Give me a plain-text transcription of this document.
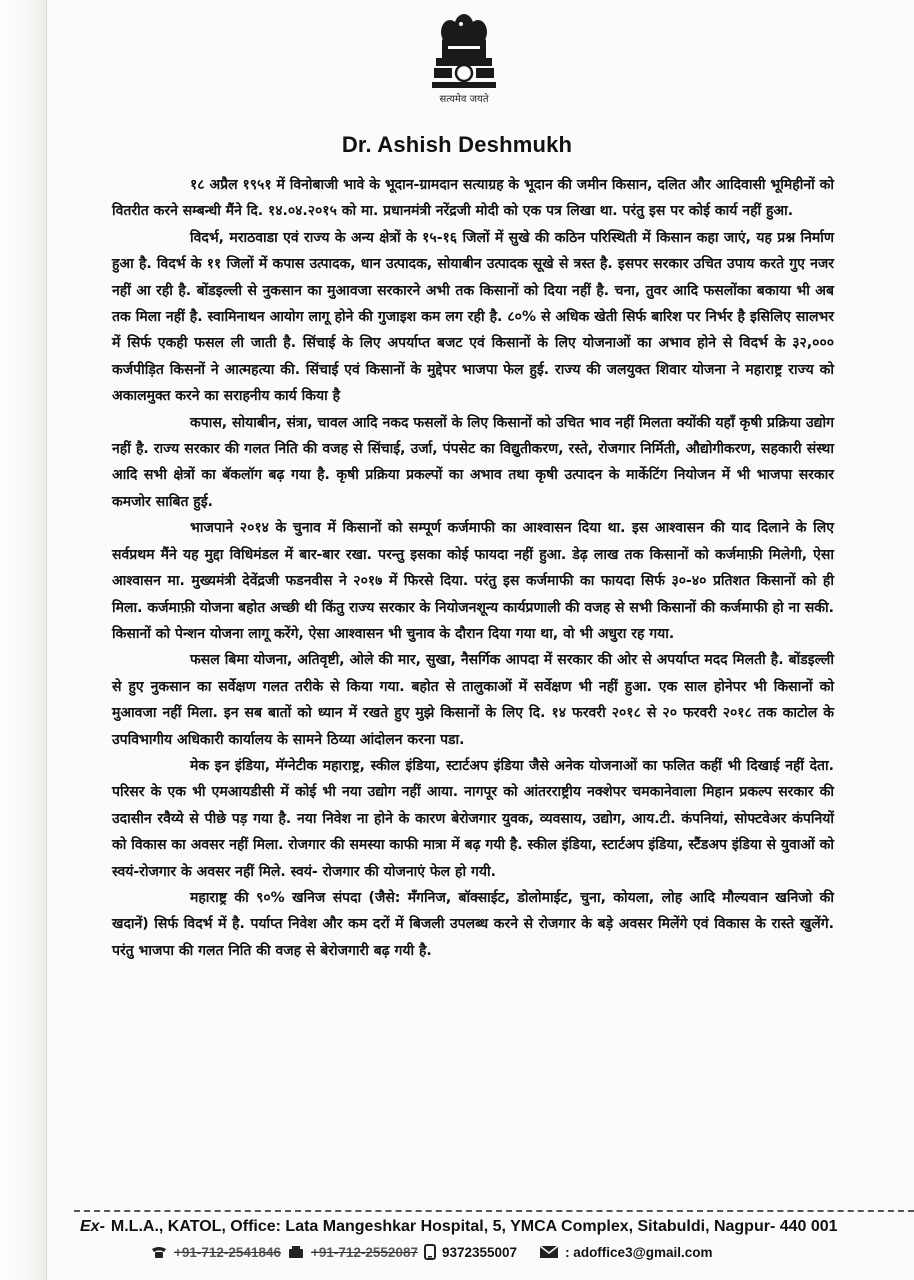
सत्यमेव जयते
Dr. Ashish Deshmukh

१८ अप्रैल १९५१ में विनोबाजी भावे के भूदान-ग्रामदान सत्याग्रह के भूदान की जमीन किसान, दलित और आदिवासी भूमिहीनों को वितरीत करने सम्बन्धी मैंने दि. १४.०४.२०१५ को मा. प्रधानमंत्री नरेंद्रजी मोदी को एक पत्र लिखा था. परंतु इस पर कोई कार्य नहीं हुआ.

विदर्भ, मराठवाडा एवं राज्य के अन्य क्षेत्रों के १५-१६ जिलों में सुखे की कठिन परिस्थिती में किसान कहा जाएं, यह प्रश्न निर्माण हुआ है. विदर्भ के ११ जिलों में कपास उत्पादक, धान उत्पादक, सोयाबीन उत्पादक सूखे से त्रस्त है. इसपर सरकार उचित उपाय करते गुए नजर नहीं आ रही है. बोंडइल्ली से नुकसान का मुआवजा सरकारने अभी तक किसानों को दिया नहीं है. चना, तुवर आदि फसलोंका बकाया भी अब तक मिला नहीं है. स्वामिनाथन आयोग लागू होने की गुजाइश कम लग रही है. ८०% से अधिक खेती सिर्फ बारिश पर निर्भर है इसिलिए सालभर में सिर्फ एकही फसल ली जाती है. सिंचाई के लिए अपर्याप्त बजट एवं किसानों के लिए योजनाओं का अभाव होने से विदर्भ के ३२,००० कर्जपीड़ित किसनों ने आत्महत्या की. सिंचाई एवं किसानों के मुद्देपर भाजपा फेल हुई. राज्य की जलयुक्त शिवार योजना ने महाराष्ट्र राज्य को अकालमुक्त करने का सराहनीय कार्य किया है

कपास, सोयाबीन, संत्रा, चावल आदि नकद फसलों के लिए किसानों को उचित भाव नहीं मिलता क्योंकी यहाँ कृषी प्रक्रिया उद्योग नहीं है. राज्य सरकार की गलत निति की वजह से सिंचाई, उर्जा, पंपसेट का विद्युतीकरण, रस्ते, रोजगार निर्मिती, औद्योगीकरण, सहकारी संस्था आदि सभी क्षेत्रों का बॅकलॉग बढ़ गया है. कृषी प्रक्रिया प्रकल्पों का अभाव तथा कृषी उत्पादन के मार्केटिंग नियोजन में भी भाजपा सरकार कमजोर साबित हुई.

भाजपाने २०१४ के चुनाव में किसानों को सम्पूर्ण कर्जमाफी का आश्वासन दिया था. इस आश्वासन की याद दिलाने के लिए सर्वप्रथम मैंने यह मुद्दा विधिमंडल में बार-बार रखा. परन्तु इसका कोई फायदा नहीं हुआ. डेढ़ लाख तक किसानों को कर्जमाफ़ी मिलेगी, ऐसा आश्वासन मा. मुख्यमंत्री देवेंद्रजी फडनवीस ने २०१७ में फिरसे दिया. परंतु इस कर्जमाफी का फायदा सिर्फ ३०-४० प्रतिशत किसानों को ही मिला. कर्जमाफ़ी योजना बहोत अच्छी थी किंतु राज्य सरकार के नियोजनशून्य कार्यप्रणाली की वजह से सभी किसानों की कर्जमाफी हो ना सकी. किसानों को पेन्शन योजना लागू करेंगे, ऐसा आश्वासन भी चुनाव के दौरान दिया गया था, वो भी अधुरा रह गया.

फसल बिमा योजना, अतिवृष्टी, ओले की मार, सुखा, नैसर्गिक आपदा में सरकार की ओर से अपर्याप्त मदद मिलती है. बोंडइल्ली से हुए नुकसान का सर्वेक्षण गलत तरीके से किया गया. बहोत से तालुकाओं में सर्वेक्षण भी नहीं हुआ. एक साल होनेपर भी किसानों को मुआवजा नहीं मिला. इन सब बातों को ध्यान में रखते हुए मुझे किसानों के लिए दि. १४ फरवरी २०१८ से २० फरवरी २०१८ तक काटोल के उपविभागीय अधिकारी कार्यालय के सामने ठिय्या आंदोलन करना पडा.

मेक इन इंडिया, मॅग्नेटीक महाराष्ट्र, स्कील इंडिया, स्टार्टअप इंडिया जैसे अनेक योजनाओं का फलित कहीं भी दिखाई नहीं देता. परिसर के एक भी एमआयडीसी में कोई भी नया उद्योग नहीं आया. नागपूर को आंतरराष्ट्रीय नक्शेपर चमकानेवाला मिहान प्रकल्प सरकार की उदासीन रवैय्ये से पीछे पड़ गया है. नया निवेश ना होने के कारण बेरोजगार युवक, व्यवसाय, उद्योग, आय.टी. कंपनियां, सोफ्टवेअर कंपनियों को विकास का अवसर नहीं मिला. रोजगार की समस्या काफी मात्रा में बढ़ गयी है. स्कील इंडिया, स्टार्टअप इंडिया, स्टैंडअप इंडिया से युवाओं को स्वयं-रोजगार के अवसर नहीं मिले. स्वयं- रोजगार की योजनाएं फेल हो गयी.

महाराष्ट्र की ९०% खनिज संपदा (जैसे: मॅंगनिज, बॉक्साईट, डोलोमाईट, चुना, कोयला, लोह आदि मौल्यवान खनिजो की खदानें) सिर्फ विदर्भ में है. पर्याप्त निवेश और कम दरों में बिजली उपलब्ध करने से रोजगार के बड़े अवसर मिलेंगे एवं विकास के रास्ते खुलेंगे. परंतु भाजपा की गलत निति की वजह से बेरोजगारी बढ़ गयी है.

Ex- M.L.A., KATOL, Office: Lata Mangeshkar Hospital, 5, YMCA Complex, Sitabuldi, Nagpur- 440 001
+91-712-2541846 +91-712-2552087 9372355007	: adoffice3@gmail.com
